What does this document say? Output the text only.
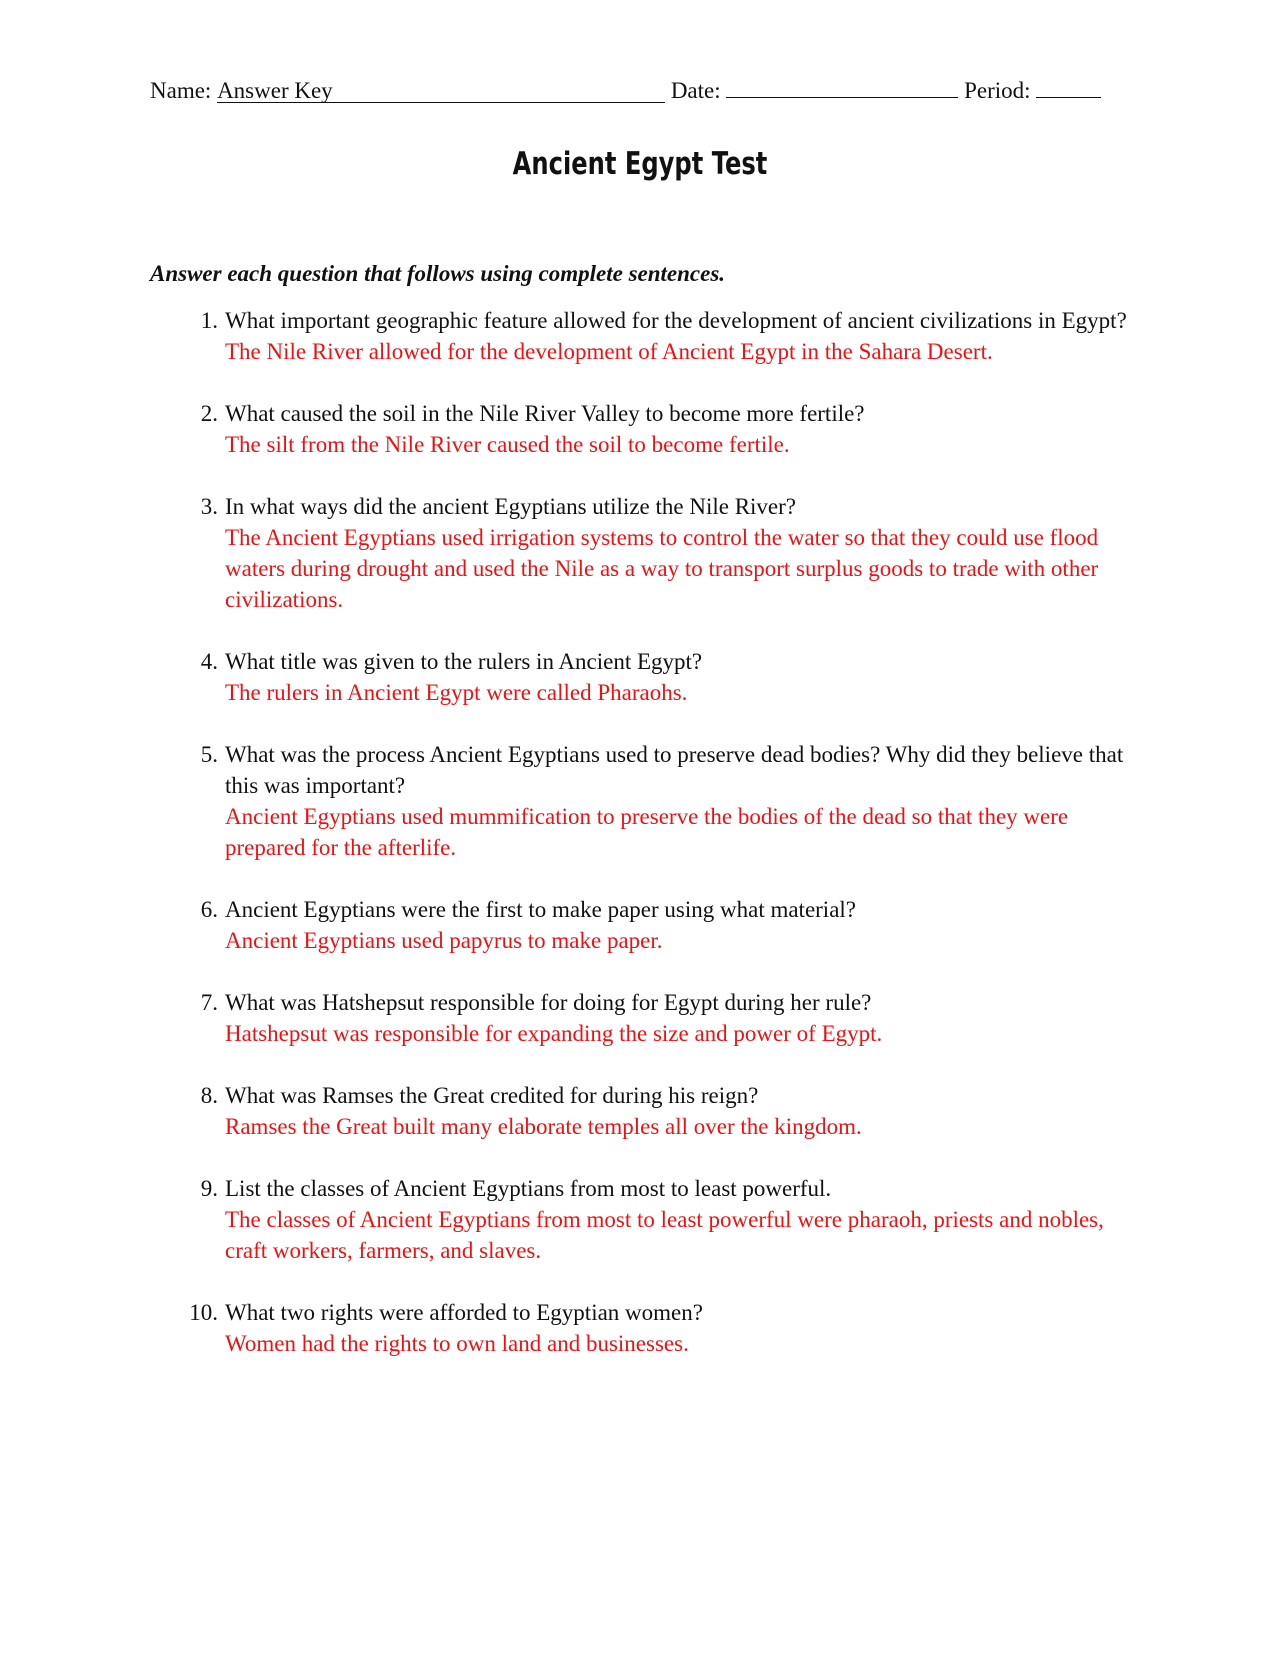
Name: Answer Key	Date:	Period:
Ancient Egypt Test
Answer each question that follows using complete sentences.
1. What important geographic feature allowed for the development of ancient civilizations in Egypt?
The Nile River allowed for the development of Ancient Egypt in the Sahara Desert.
2. What caused the soil in the Nile River Valley to become more fertile?
The silt from the Nile River caused the soil to become fertile.
3. In what ways did the ancient Egyptians utilize the Nile River?
The Ancient Egyptians used irrigation systems to control the water so that they could use flood waters during drought and used the Nile as a way to transport surplus goods to trade with other civilizations.
4. What title was given to the rulers in Ancient Egypt?
The rulers in Ancient Egypt were called Pharaohs.
5. What was the process Ancient Egyptians used to preserve dead bodies? Why did they believe that this was important?
Ancient Egyptians used mummification to preserve the bodies of the dead so that they were prepared for the afterlife.
6. Ancient Egyptians were the first to make paper using what material?
Ancient Egyptians used papyrus to make paper.
7. What was Hatshepsut responsible for doing for Egypt during her rule?
Hatshepsut was responsible for expanding the size and power of Egypt.
8. What was Ramses the Great credited for during his reign?
Ramses the Great built many elaborate temples all over the kingdom.
9. List the classes of Ancient Egyptians from most to least powerful.
The classes of Ancient Egyptians from most to least powerful were pharaoh, priests and nobles, craft workers, farmers, and slaves.
10. What two rights were afforded to Egyptian women?
Women had the rights to own land and businesses.
